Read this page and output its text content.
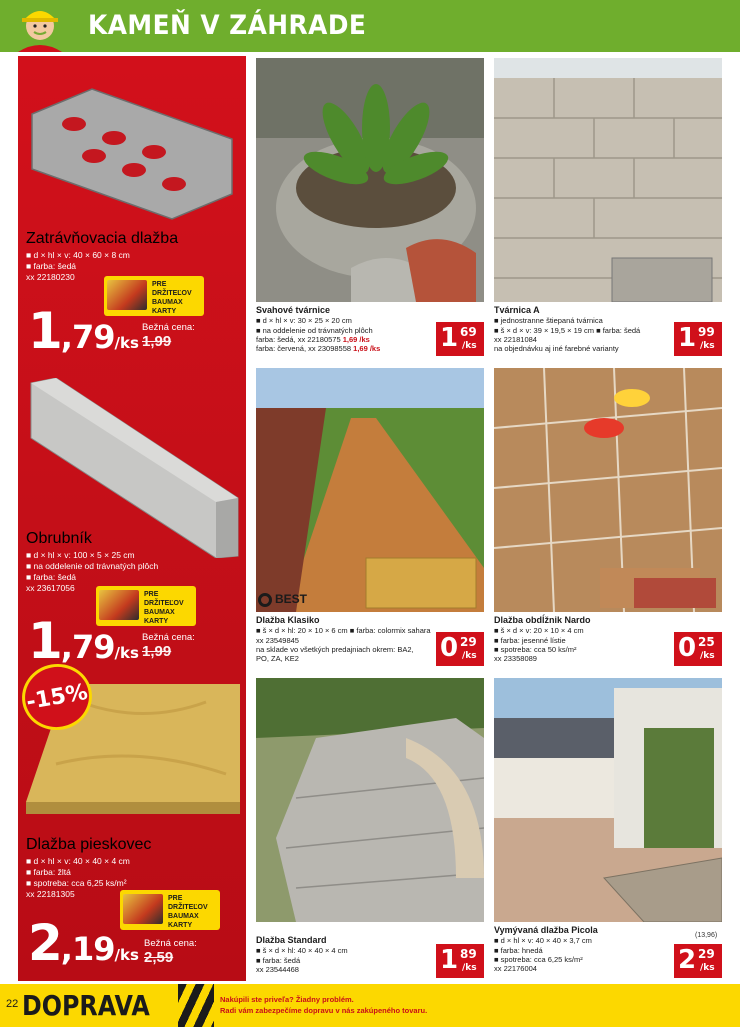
KAMEŇ V ZÁHRADE
Zatrávňovacia dlažba
■ d × hl × v: 40 × 60 × 8 cm
■ farba: šedá
xx 22180230
PRE
DRŽITEĽOV
BAUMAX
KARTY
1,79/ks
Bežná cena:
1,99
Obrubník
■ d × hl × v: 100 × 5 × 25 cm
■ na oddelenie od trávnatých plôch
■ farba: šedá
xx 23617056
PRE
DRŽITEĽOV
BAUMAX
KARTY
1,79/ks
Bežná cena:
1,99
-15%
Dlažba pieskovec
■ d × hl × v: 40 × 40 × 4 cm
■ farba: žltá
■ spotreba: cca 6,25 ks/m²
xx 22181305	PRE
DRŽITEĽOV
BAUMAX
KARTY
2,19/ks
Bežná cena:
2,59
Svahové tvárnice
■ d × hl × v: 30 × 25 × 20 cm
■ na oddelenie od trávnatých plôch
farba: šedá, xx 22180575 1,69 /ks
farba: červená, xx 23098558 1,69 /ks	1 69
/ks
Tvárnica A
■ jednostranne štiepaná tvárnica
■ š × d × v: 39 × 19,5 × 19 cm ■ farba: šedá
xx 22181084
na objednávku aj iné farebné varianty	1 99
/ks
BEST
Dlažba Klasiko
■ š × d × hl: 20 × 10 × 6 cm ■ farba: colormix sahara
xx 23549845
na sklade vo všetkých predajniach okrem: BA2,
PO, ZA, KE2	0 29
/ks
Dlažba obdĺžnik Nardo
■ š × d × v: 20 × 10 × 4 cm
■ farba: jesenné lístie
■ spotreba: cca 50 ks/m²
xx 23358089	0 25
/ks
Dlažba Standard
■ š × d × hl: 40 × 40 × 4 cm
■ farba: šedá
xx 23544468	1 89
/ks
(13,96)
Vymývaná dlažba Picola
■ d × hl × v: 40 × 40 × 3,7 cm
■ farba: hnedá
■ spotreba: cca 6,25 ks/m²
xx 22176004	2 29
/ks
22 DOPRAVA	Nakúpili ste priveľa? Žiadny problém.
Radi vám zabezpečíme dopravu v nás zakúpeného tovaru.
